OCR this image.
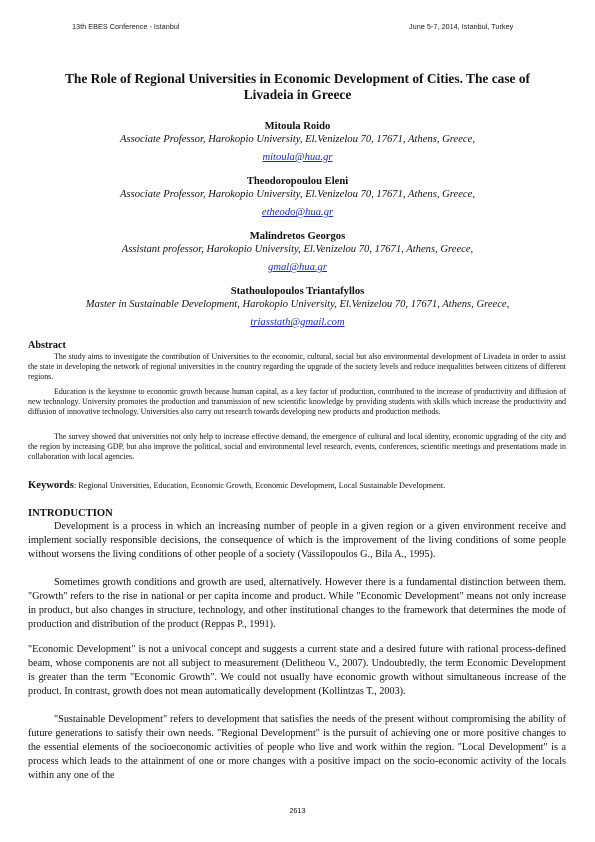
13th EBES Conference - Istanbul	June 5-7, 2014, Istanbul, Turkey
The Role of Regional Universities in Economic Development of Cities. The case of Livadeia in Greece
Mitoula Roido
Associate Professor, Harokopio University, El.Venizelou 70, 17671, Athens, Greece,
mitoula@hua.gr
Theodoropoulou Eleni
Associate Professor, Harokopio University, El.Venizelou 70, 17671, Athens, Greece,
etheodo@hua.gr
Malindretos Georgos
Assistant professor, Harokopio University, El.Venizelou 70, 17671, Athens, Greece,
gmal@hua.gr
Stathoulopoulos Triantafyllos
Master in Sustainable Development, Harokopio University, El.Venizelou 70, 17671, Athens, Greece,
triasstath@gmail.com
Abstract

The study aims to investigate the contribution of Universities to the economic, cultural, social but also environmental development of Livadeia in order to assist the state in developing the network of regional universities in the country regarding the upgrade of the society levels and reduce inequalities between citizens of different regions.

Education is the keystone to economic growth because human capital, as a key factor of production, contributed to the increase of productivity and diffusion of new technology. University promotes the production and transmission of new scientific knowledge by providing students with skills which increase the productivity and diffusion of innovative technology. Universities also carry out research towards developing new products and production methods.

The survey showed that universities not only help to increase effective demand, the emergence of cultural and local identity, economic upgrading of the city and the region by increasing GDP, but also improve the political, social and environmental level research, events, conferences, scientific meetings and presentations made in collaboration with local agencies.

Keywords: Regional Universities, Education, Economic Growth, Economic Development, Local Sustainable Development.
INTRODUCTION

Development is a process in which an increasing number of people in a given region or a given environment receive and implement socially responsible decisions, the consequence of which is the improvement of the living conditions of some people without worsens the living conditions of other people of a society (Vassilopoulos G., Bila A., 1995).

Sometimes growth conditions and growth are used, alternatively. However there is a fundamental distinction between them. "Growth" refers to the rise in national or per capita income and product. While "Economic Development" means not only increase in product, but also changes in structure, technology, and other institutional changes to the framework that determines the mode of production and distribution of the product (Reppas P., 1991).

"Economic Development" is not a univocal concept and suggests a current state and a desired future with rational process-defined beam, whose components are not all subject to measurement (Delitheou V., 2007). Undoubtedly, the term Economic Development is greater than the term "Economic Growth". We could not usually have economic growth without simultaneous increase of the product. In contrast, growth does not mean automatically development (Kollintzas T., 2003).

"Sustainable Development" refers to development that satisfies the needs of the present without compromising the ability of future generations to satisfy their own needs. "Regional Development" is the pursuit of achieving one or more positive changes to the essential elements of the socioeconomic activities of people who live and work within the region. "Local Development" is a process which leads to the attainment of one or more changes with a positive impact on the socio-economic activity of the locals within any one of the

2613
